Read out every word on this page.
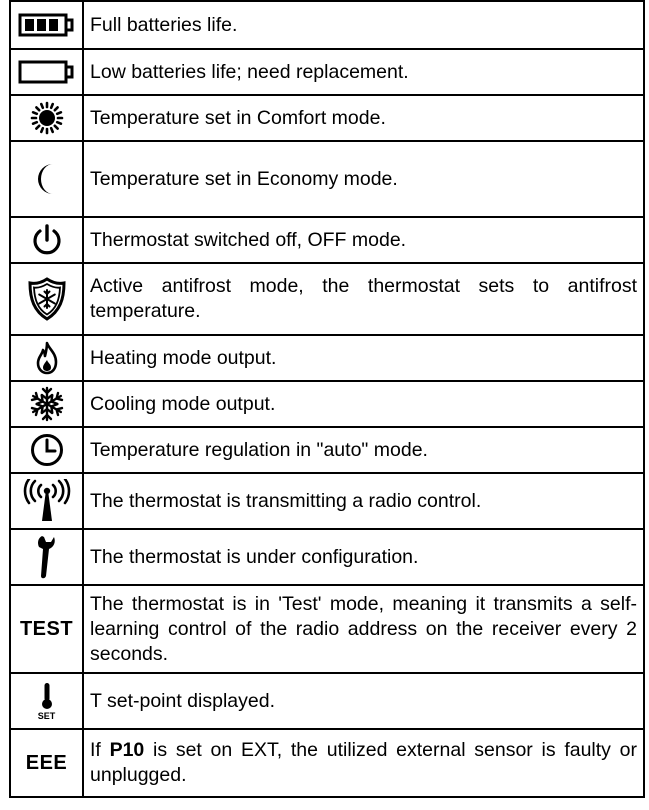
	Full batteries life.

	Low batteries life; need replacement.

	Temperature set in Comfort mode.

	Temperature set in Economy mode.

	Thermostat switched off, OFF mode.

	Active antifrost mode, the thermostat sets to antifrost temperature.

	Heating mode output.

	Cooling mode output.

	Temperature regulation in "auto" mode.

	The thermostat is transmitting a radio control.

	The thermostat is under configuration.
TEST	The thermostat is in 'Test' mode, meaning it transmits a self-learning control of the radio address on the receiver every 2 seconds.

SET	T set-point displayed.
EEE	If P10 is set on EXT, the utilized external sensor is faulty or unplugged.
